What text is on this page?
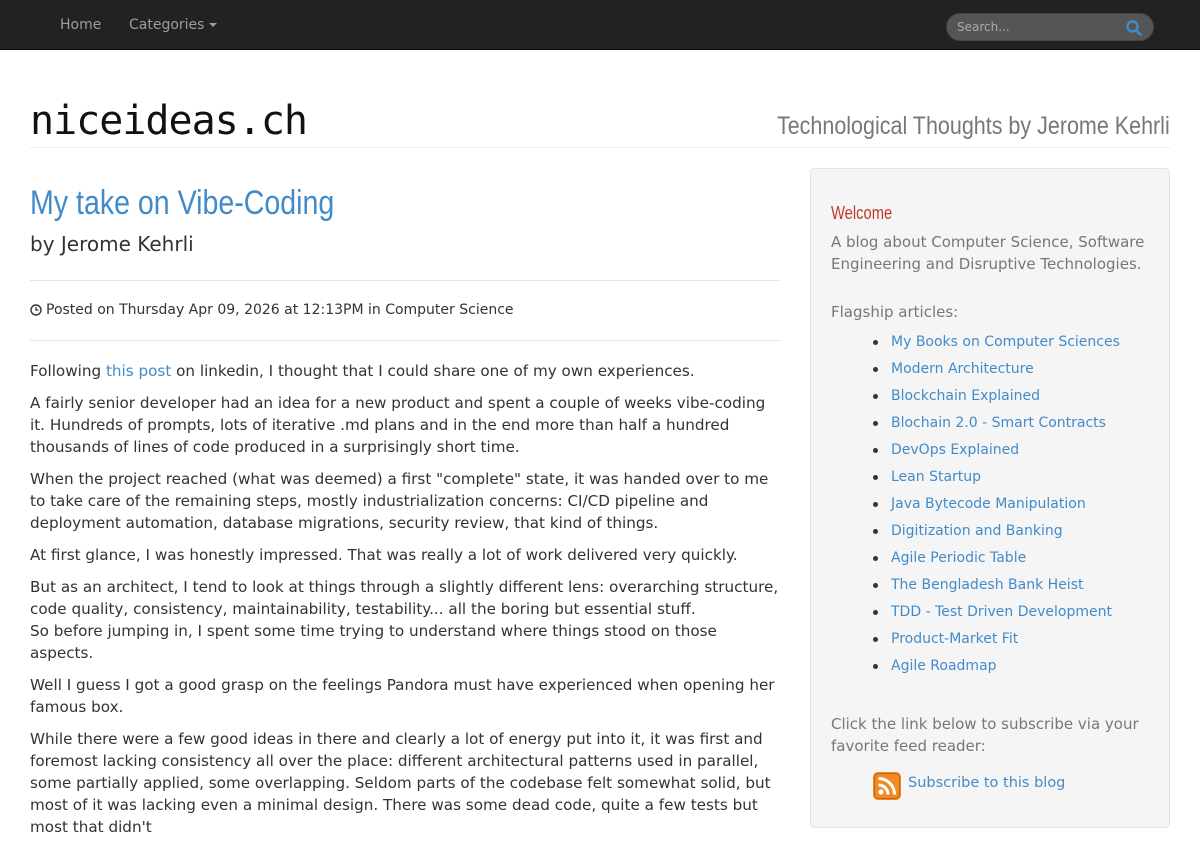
Home Categories
Search...
niceideas.ch	Technological Thoughts by Jerome Kehrli
My take on Vibe-Coding
by Jerome Kehrli
Posted on Thursday Apr 09, 2026 at 12:13PM in Computer Science

Following this post on linkedin, I thought that I could share one of my own experiences.

A fairly senior developer had an idea for a new product and spent a couple of weeks vibe-coding it. Hundreds of prompts, lots of iterative .md plans and in the end more than half a hundred thousands of lines of code produced in a surprisingly short time.

When the project reached (what was deemed) a first "complete" state, it was handed over to me to take care of the remaining steps, mostly industrialization concerns: CI/CD pipeline and deployment automation, database migrations, security review, that kind of things.

At first glance, I was honestly impressed. That was really a lot of work delivered very quickly.

But as an architect, I tend to look at things through a slightly different lens: overarching structure, code quality, consistency, maintainability, testability... all the boring but essential stuff.
So before jumping in, I spent some time trying to understand where things stood on those aspects.

Well I guess I got a good grasp on the feelings Pandora must have experienced when opening her famous box.

While there were a few good ideas in there and clearly a lot of energy put into it, it was first and foremost lacking consistency all over the place: different architectural patterns used in parallel, some partially applied, some overlapping. Seldom parts of the codebase felt somewhat solid, but most of it was lacking even a minimal design. There was some dead code, quite a few tests but most that didn't

Welcome
A blog about Computer Science, Software Engineering and Disruptive Technologies.
Flagship articles:
My Books on Computer Sciences
Modern Architecture
Blockchain Explained
Blochain 2.0 - Smart Contracts
DevOps Explained
Lean Startup
Java Bytecode Manipulation
Digitization and Banking
Agile Periodic Table
The Bengladesh Bank Heist
TDD - Test Driven Development
Product-Market Fit
Agile Roadmap
Click the link below to subscribe via your favorite feed reader:
Subscribe to this blog
